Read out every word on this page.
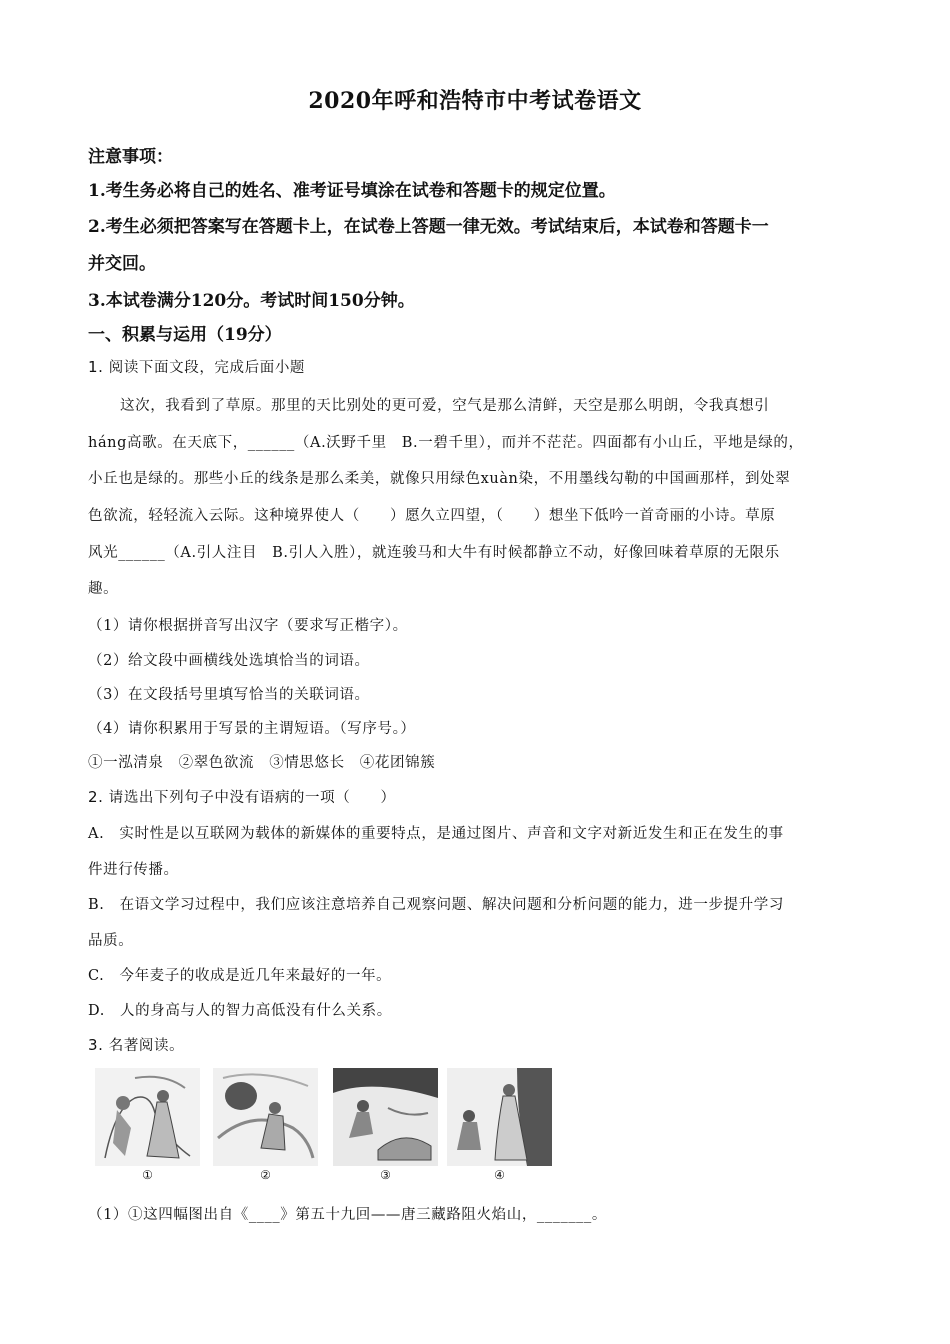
2020年呼和浩特市中考试卷语文
注意事项：
1.考生务必将自己的姓名、准考证号填涂在试卷和答题卡的规定位置。
2.考生必须把答案写在答题卡上，在试卷上答题一律无效。考试结束后，本试卷和答题卡一
并交回。
3.本试卷满分120分。考试时间150分钟。
一、积累与运用（19分）
1. 阅读下面文段，完成后面小题
这次，我看到了草原。那里的天比别处的更可爱，空气是那么清鲜，天空是那么明朗，令我真想引
háng高歌。在天底下，______（A.沃野千里　B.一碧千里），而并不茫茫。四面都有小山丘，平地是绿的，
小丘也是绿的。那些小丘的线条是那么柔美，就像只用绿色xuàn染，不用墨线勾勒的中国画那样，到处翠
色欲流，轻轻流入云际。这种境界使人（　　）愿久立四望，（　　）想坐下低吟一首奇丽的小诗。草原
风光______（A.引人注目　B.引人入胜），就连骏马和大牛有时候都静立不动，好像回味着草原的无限乐
趣。
（1）请你根据拼音写出汉字（要求写正楷字）。
（2）给文段中画横线处选填恰当的词语。
（3）在文段括号里填写恰当的关联词语。
（4）请你积累用于写景的主谓短语。（写序号。）
①一泓清泉　②翠色欲流　③情思悠长　④花团锦簇
2. 请选出下列句子中没有语病的一项（　　）
A.　实时性是以互联网为载体的新媒体的重要特点，是通过图片、声音和文字对新近发生和正在发生的事
件进行传播。
B.　在语文学习过程中，我们应该注意培养自己观察问题、解决问题和分析问题的能力，进一步提升学习
品质。
C.　今年麦子的收成是近几年来最好的一年。
D.　人的身高与人的智力高低没有什么关系。
3. 名著阅读。
①	②	③	④
（1）①这四幅图出自《____》第五十九回——唐三藏路阻火焰山，_______。
